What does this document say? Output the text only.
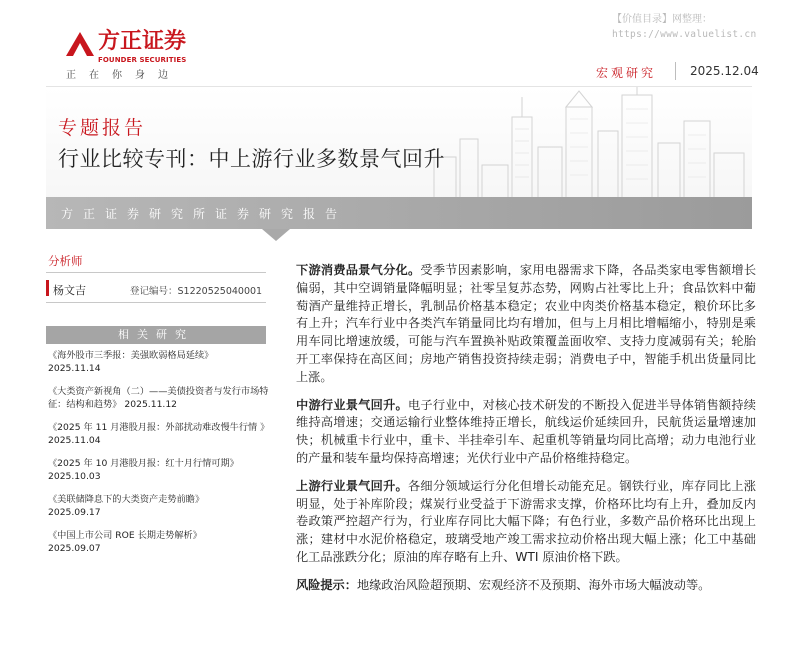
【价值目录】网整理：
https://www.valuelist.cn
方正证券
FOUNDER SECURITIES
正在你身边	宏观研究	2025.12.04
专题报告
行业比较专刊：中上游行业多数景气回升
方正证券研究所证券研究报告
分析师
杨文吉	登记编号：S1220525040001
相关研究
《海外股市三季报：美强欧弱格局延续》
2025.11.14
《大类资产新视角（二）——美债投资者与发行市场特征：结构和趋势》 2025.11.12
《2025 年 11 月港股月报：外部扰动难改慢牛行情 》 2025.11.04
《2025 年 10 月港股月报：红十月行情可期》
2025.10.03
《美联储降息下的大类资产走势前瞻》
2025.09.17
《中国上市公司 ROE 长期走势解析》
2025.09.07

下游消费品景气分化。受季节因素影响，家用电器需求下降，各品类家电零售额增长偏弱，其中空调销量降幅明显；社零呈复苏态势，网购占社零比上升；食品饮料中葡萄酒产量维持正增长，乳制品价格基本稳定；农业中肉类价格基本稳定，粮价环比多有上升；汽车行业中各类汽车销量同比均有增加，但与上月相比增幅缩小，特别是乘用车同比增速放缓，可能与汽车置换补贴政策覆盖面收窄、支持力度减弱有关；轮胎开工率保持在高区间；房地产销售投资持续走弱；消费电子中，智能手机出货量同比上涨。

中游行业景气回升。电子行业中，对核心技术研发的不断投入促进半导体销售额持续维持高增速；交通运输行业整体维持正增长，航线运价延续回升，民航货运量增速加快；机械重卡行业中，重卡、半挂牵引车、起重机等销量均同比高增；动力电池行业的产量和装车量均保持高增速；光伏行业中产品价格维持稳定。

上游行业景气回升。各细分领域运行分化但增长动能充足。钢铁行业，库存同比上涨明显，处于补库阶段；煤炭行业受益于下游需求支撑，价格环比均有上升，叠加反内卷政策严控超产行为，行业库存同比大幅下降；有色行业，多数产品价格环比出现上涨；建材中水泥价格稳定，玻璃受地产竣工需求拉动价格出现大幅上涨；化工中基础化工品涨跌分化；原油的库存略有上升、WTI 原油价格下跌。

风险提示：地缘政治风险超预期、宏观经济不及预期、海外市场大幅波动等。
